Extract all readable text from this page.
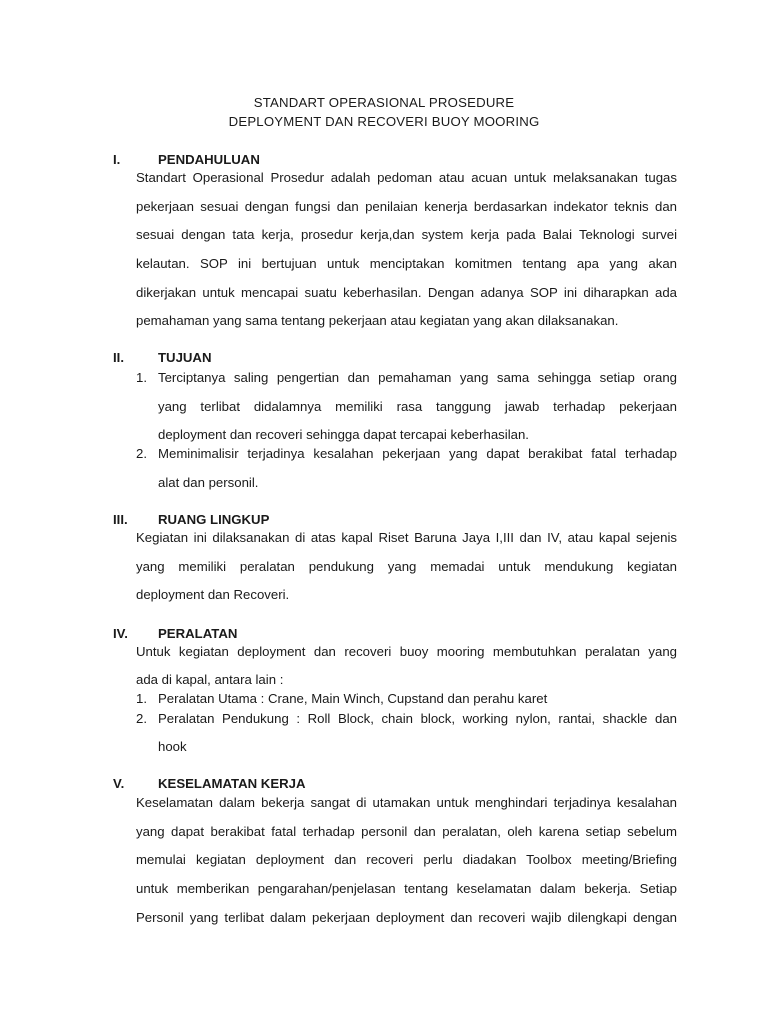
STANDART OPERASIONAL PROSEDURE
DEPLOYMENT DAN RECOVERI BUOY MOORING
I.	PENDAHULUAN
Standart Operasional Prosedur adalah pedoman atau acuan untuk melaksanakan tugas
pekerjaan sesuai dengan fungsi dan penilaian kenerja berdasarkan indekator teknis dan
sesuai dengan tata kerja, prosedur kerja,dan system kerja pada Balai Teknologi survei
kelautan. SOP ini bertujuan untuk menciptakan komitmen tentang apa yang akan
dikerjakan untuk mencapai suatu keberhasilan. Dengan adanya SOP ini diharapkan ada
pemahaman yang sama tentang pekerjaan atau kegiatan yang akan dilaksanakan.
II.	TUJUAN
1. Terciptanya saling pengertian dan pemahaman yang sama sehingga setiap orang
yang terlibat didalamnya memiliki rasa tanggung jawab terhadap pekerjaan
deployment dan recoveri sehingga dapat tercapai keberhasilan.
2. Meminimalisir terjadinya kesalahan pekerjaan yang dapat berakibat fatal terhadap
alat dan personil.
III. RUANG LINGKUP
Kegiatan ini dilaksanakan di atas kapal Riset Baruna Jaya I,III dan IV, atau kapal sejenis
yang memiliki peralatan pendukung yang memadai untuk mendukung kegiatan
deployment dan Recoveri.
IV. PERALATAN
Untuk kegiatan deployment dan recoveri buoy mooring membutuhkan peralatan yang
ada di kapal, antara lain :
1. Peralatan Utama : Crane, Main Winch, Cupstand dan perahu karet
2. Peralatan Pendukung : Roll Block, chain block, working nylon, rantai, shackle dan
hook
V.	KESELAMATAN KERJA
Keselamatan dalam bekerja sangat di utamakan untuk menghindari terjadinya kesalahan
yang dapat berakibat fatal terhadap personil dan peralatan, oleh karena setiap sebelum
memulai kegiatan deployment dan recoveri perlu diadakan Toolbox meeting/Briefing
untuk memberikan pengarahan/penjelasan tentang keselamatan dalam bekerja. Setiap
Personil yang terlibat dalam pekerjaan deployment dan recoveri wajib dilengkapi dengan
